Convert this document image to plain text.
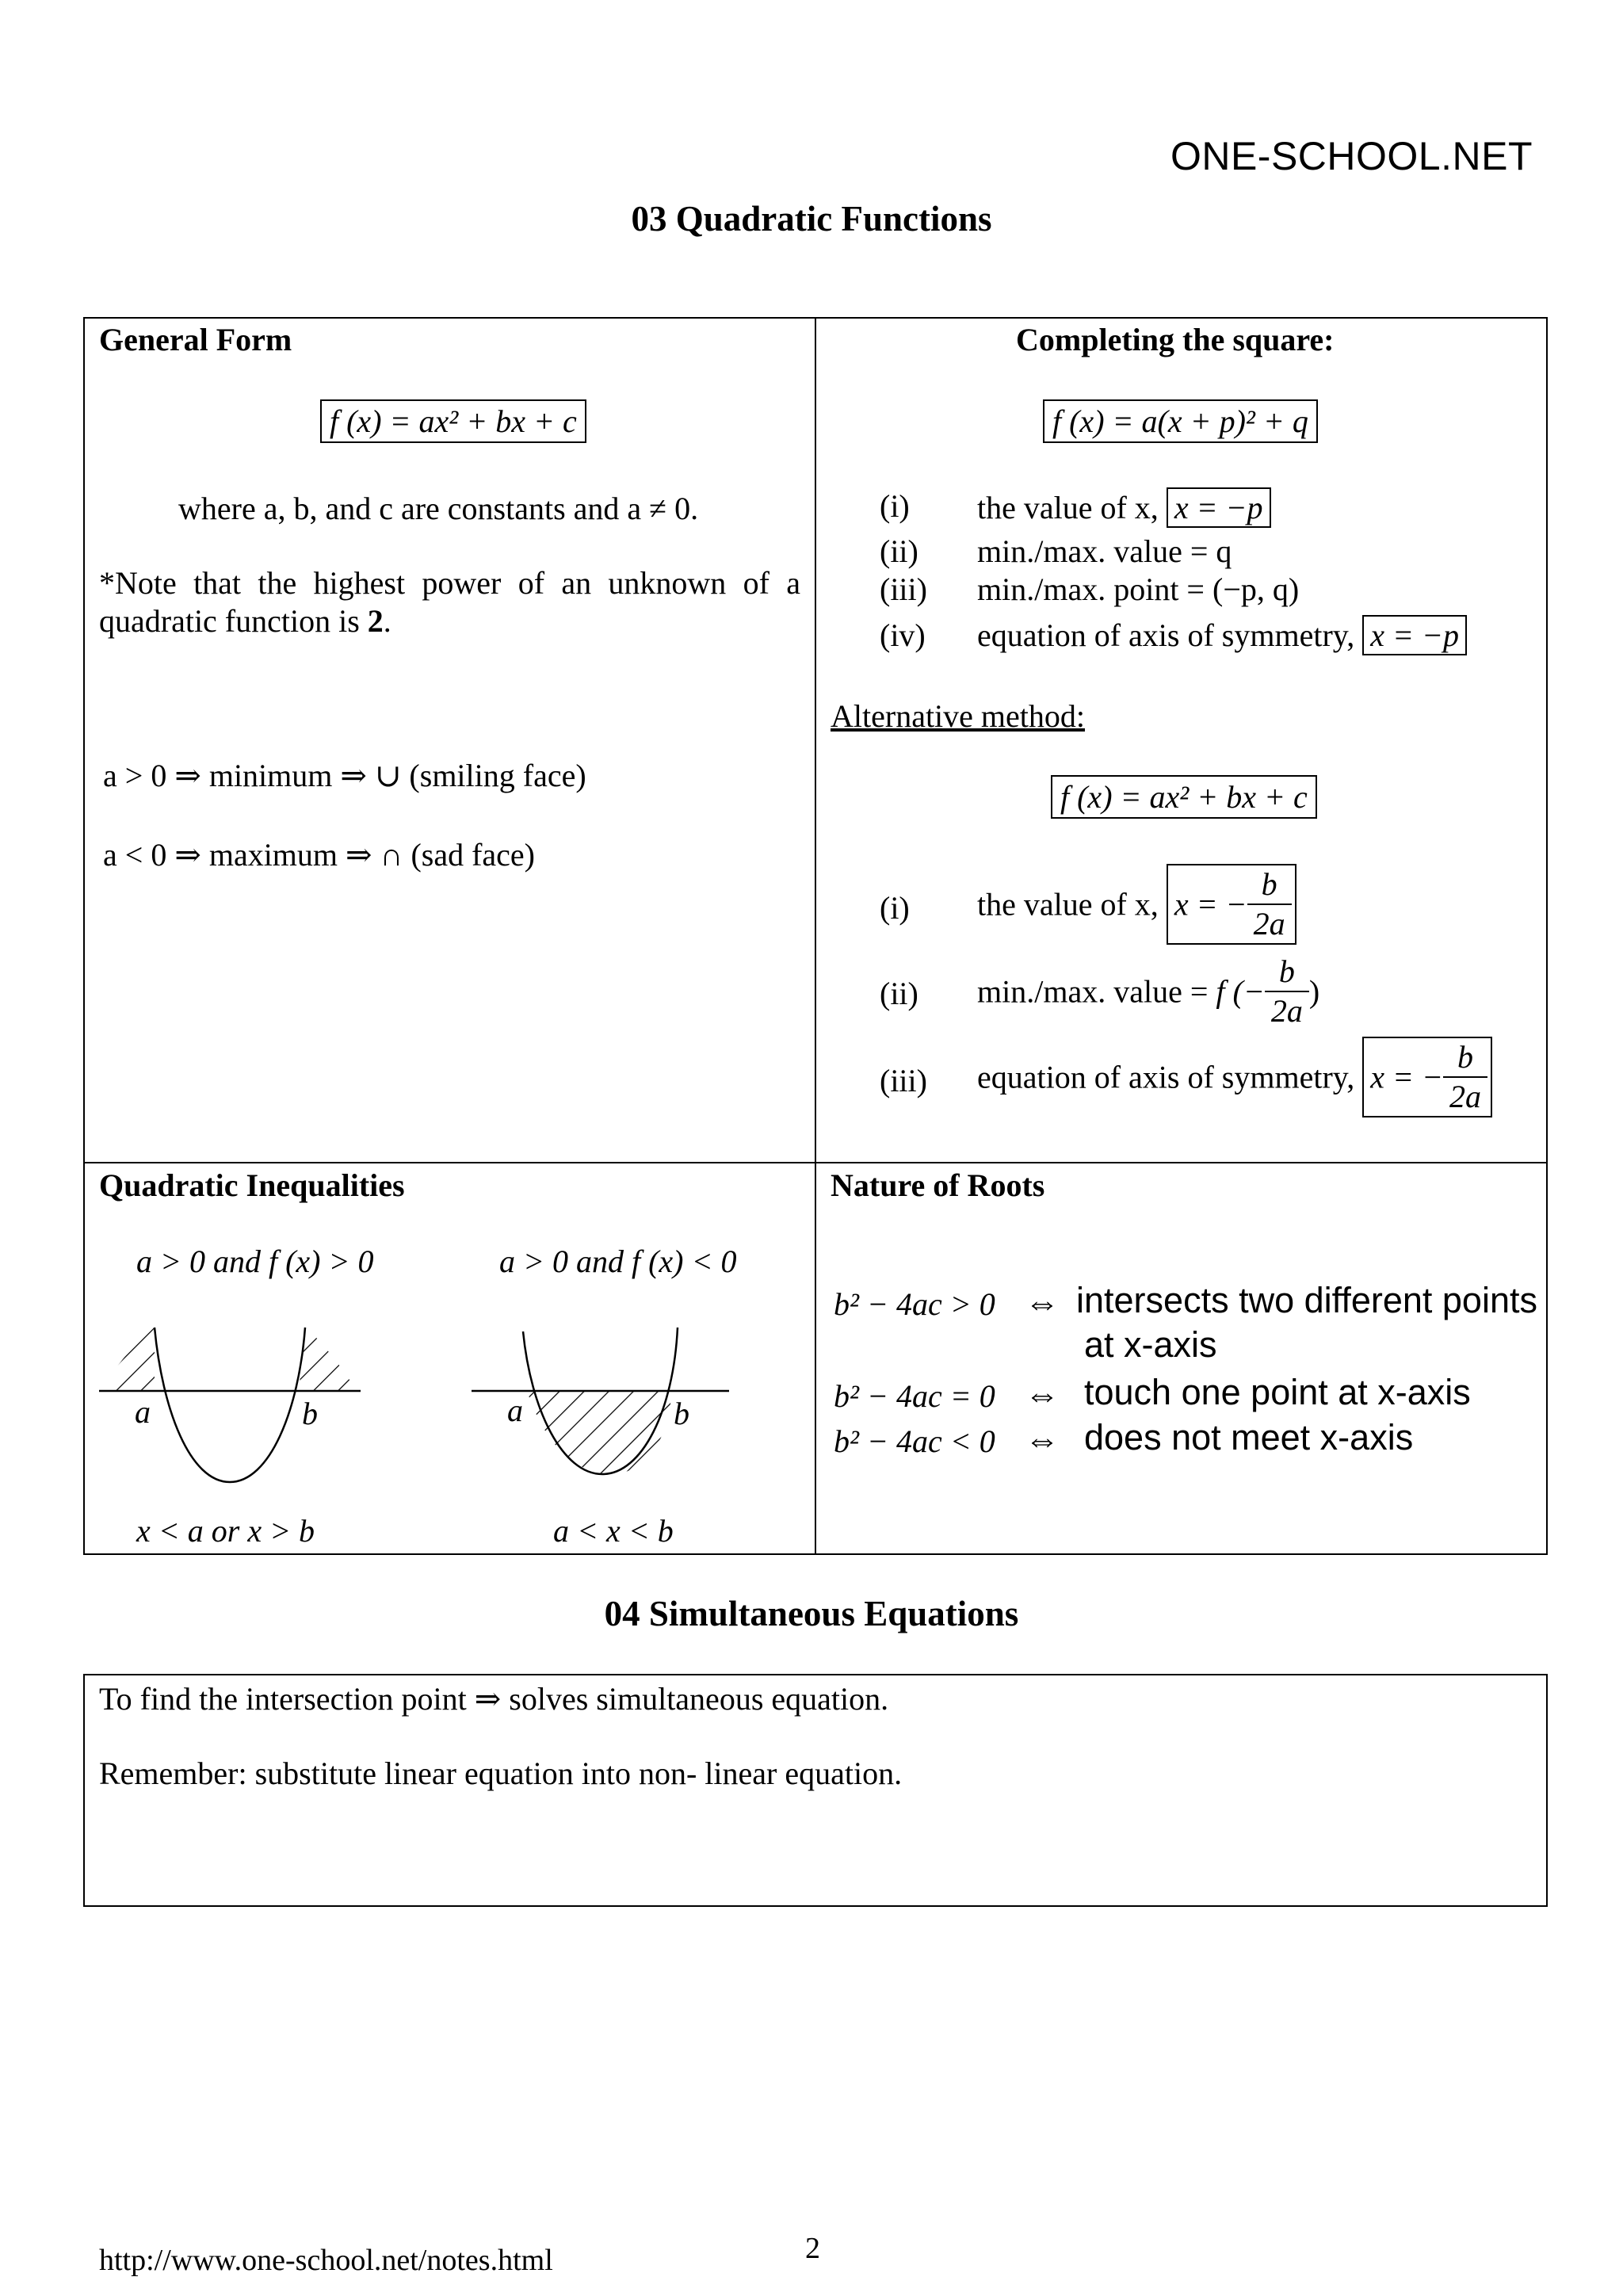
ONE-SCHOOL.NET
03 Quadratic Functions
General Form
f (x) = ax² + bx + c
where a, b, and c are constants and a ≠ 0.
*Note that the highest power of an unknown of a quadratic function is 2.
a > 0 ⇒ minimum ⇒ ∪ (smiling face)
a < 0 ⇒ maximum ⇒ ∩ (sad face)
Completing the square:
f (x) = a(x + p)² + q
(i) the value of x, x = −p
(ii) min./max. value = q
(iii) min./max. point = (−p, q)
(iv) equation of axis of symmetry, x = −p
Alternative method:
f (x) = ax² + bx + c
(i) the value of x, x = − $\frac{b}{2a}$
(ii) min./max. value = f (− $\frac{b}{2a}$ )
(iii) equation of axis of symmetry, x = − $\frac{b}{2a}$
Quadratic Inequalities
a > 0 and f (x) > 0	a > 0 and f (x) < 0
a	b	a	b
x < a or x > b	a < x < b
Nature of Roots
b² − 4ac > 0 ⇔ intersects two different points
at x-axis
b² − 4ac = 0 ⇔ touch one point at x-axis
b² − 4ac < 0 ⇔ does not meet x-axis
04 Simultaneous Equations
To find the intersection point ⇒ solves simultaneous equation.
Remember: substitute linear equation into non- linear equation.
http://www.one-school.net/notes.html	2
